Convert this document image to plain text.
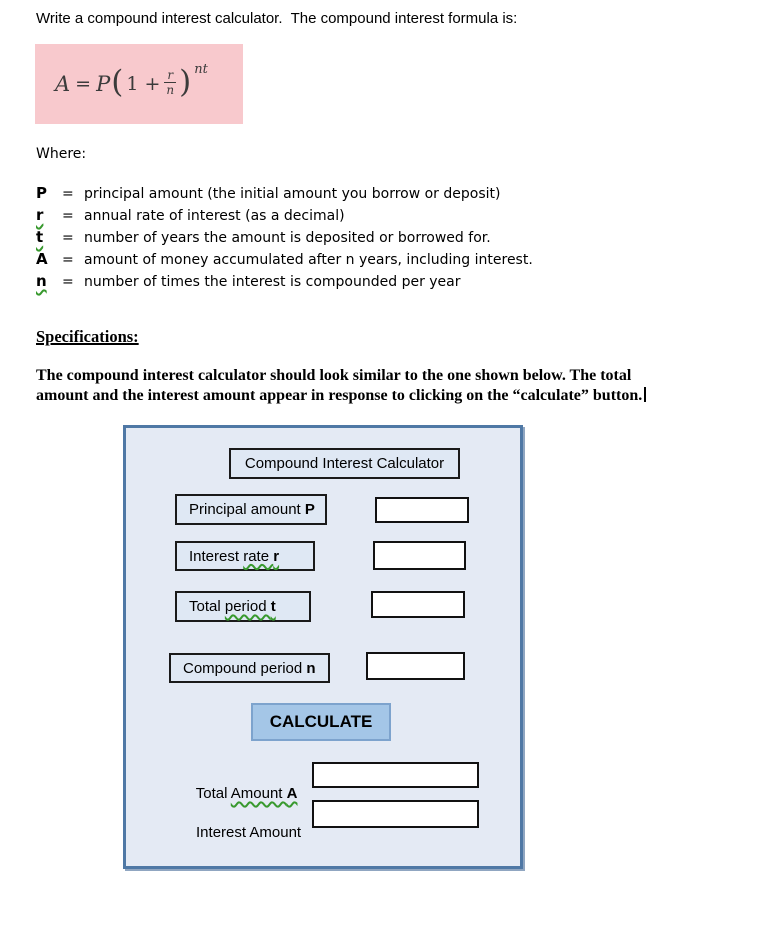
Write a compound interest calculator.  The compound interest formula is:

A = P ( $1 + \frac{r}{n} )^{nt}$

Where:

P	= principal amount (the initial amount you borrow or deposit)
r	= annual rate of interest (as a decimal)
t	= number of years the amount is deposited or borrowed for.
A	= amount of money accumulated after n years, including interest.
n	= number of times the interest is compounded per year
Specifications:

The compound interest calculator should look similar to the one shown below. The total
amount and the interest amount appear in response to clicking on the “calculate” button.

Compound Interest Calculator
Principal amount P
Interest rate r
Total period t
Compound period n
CALCULATE

Total Amount A

Interest Amount
